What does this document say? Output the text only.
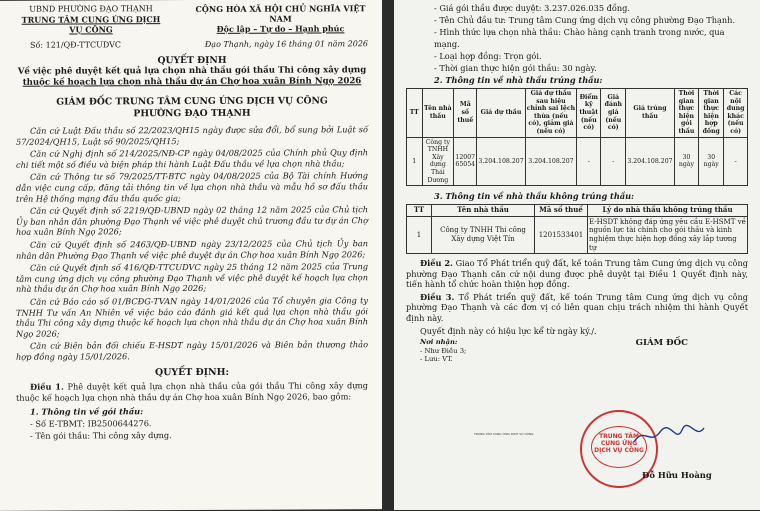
UBND PHƯỜNG ĐẠO THẠNH
TRUNG TÂM CUNG ỨNG DỊCH VỤ CÔNG
CỘNG HÒA XÃ HỘI CHỦ NGHĨA VIỆT NAM
Độc lập – Tự do – Hạnh phúc
Số: 121/QĐ-TTCUDVC	Đạo Thạnh, ngày 16 tháng 01 năm 2026
QUYẾT ĐỊNH
Về việc phê duyệt kết quả lựa chọn nhà thầu gói thầu Thi công xây dựng
thuộc kế hoạch lựa chọn nhà thầu dự án Chợ hoa xuân Bính Ngọ 2026
GIÁM ĐỐC TRUNG TÂM CUNG ỨNG DỊCH VỤ CÔNG
PHƯỜNG ĐẠO THẠNH

Căn cứ Luật Đấu thầu số 22/2023/QH15 ngày được sửa đổi, bổ sung bởi Luật số 57/2024/QH15, Luật số 90/2025/QH15;

Căn cứ Nghị định số 214/2025/NĐ-CP ngày 04/08/2025 của Chính phủ Quy định chi tiết một số điều và biện pháp thi hành Luật Đấu thầu về lựa chọn nhà thầu;

Căn cứ Thông tư số 79/2025/TT-BTC ngày 04/08/2025 của Bộ Tài chính Hướng dẫn việc cung cấp, đăng tải thông tin về lựa chọn nhà thầu và mẫu hồ sơ đấu thầu trên Hệ thống mạng đấu thầu quốc gia;

Căn cứ Quyết định số 2219/QĐ-UBND ngày 02 tháng 12 năm 2025 của Chủ tịch Ủy ban nhân dân phường Đạo Thạnh về việc phê duyệt chủ trương đầu tư dự án Chợ hoa xuân Bính Ngọ 2026;

Căn cứ Quyết định số 2463/QĐ-UBND ngày 23/12/2025 của Chủ tịch Ủy ban nhân dân Phường Đạo Thạnh về việc phê duyệt dự án Chợ hoa xuân Bính Ngọ 2026;

Căn cứ Quyết định số 416/QĐ-TTCUDVC ngày 25 tháng 12 năm 2025 của Trung tâm cung ứng dịch vụ công phường Đạo Thạnh về việc phê duyệt kế hoạch lựa chọn nhà thầu dự án Chợ hoa xuân Bính Ngọ 2026;

Căn cứ Báo cáo số 01/BCĐG-TVAN ngày 14/01/2026 của Tổ chuyên gia Công ty TNHH Tư vấn An Nhiên về việc báo cáo đánh giá kết quả lựa chọn nhà thầu gói thầu Thi công xây dựng thuộc kế hoạch lựa chọn nhà thầu dự án Chợ hoa xuân Bính Ngọ 2026;

Căn cứ Biên bản đối chiếu E-HSDT ngày 15/01/2026 và Biên bản thương thảo hợp đồng ngày 15/01/2026.

QUYẾT ĐỊNH:

Điều 1. Phê duyệt kết quả lựa chọn nhà thầu của gói thầu Thi công xây dựng thuộc kế hoạch lựa chọn nhà thầu dự án Chợ hoa xuân Bính Ngọ 2026, bao gồm:

1. Thông tin về gói thầu:
- Số E-TBMT: IB2500644276.
- Tên gói thầu: Thi công xây dựng.
- Giá gói thầu được duyệt: 3.237.026.035 đồng.
- Tên Chủ đầu tư: Trung tâm Cung ứng dịch vụ công phường Đạo Thạnh.
- Hình thức lựa chọn nhà thầu: Chào hàng cạnh tranh trong nước, qua mạng.
- Loại hợp đồng: Trọn gói.
- Thời gian thực hiện gói thầu: 30 ngày.
2. Thông tin về nhà thầu trúng thầu:
TT	Tên nhà thầu	Mã số thuế	Giá dự thầu	Giá dự thầu sau hiệu chỉnh sai lệch thừa (nếu có), giảm giá (nếu có)	Điểm kỹ thuật (nếu có)	Giá đánh giá (nếu có)	Giá trúng thầu	Thời gian thực hiện gói thầu	Thời gian thực hiện hợp đồng	Các nội dung khác (nếu có)
1	Công ty TNHH Xây dựng Thái Dương	1200765054	3.204.108.207	3.204.108.207	-	-	3.204.108.207	30 ngày	30 ngày	-
3. Thông tin về nhà thầu không trúng thầu:
TT	Tên nhà thầu	Mã số thuế	Lý do nhà thầu không trúng thầu
1	Công ty TNHH Thi công Xây dựng Việt Tín	1201533401	E-HSDT không đáp ứng yêu cầu E-HSMT về nguồn lực tài chính cho gói thầu và kinh nghiệm thực hiện hợp đồng xây lắp tương tự

Điều 2. Giao Tổ Phát triển quỹ đất, kế toán Trung tâm Cung ứng dịch vụ công phường Đạo Thạnh căn cứ nội dung được phê duyệt tại Điều 1 Quyết định này, tiến hành tổ chức hoàn thiện hợp đồng.

Điều 3. Tổ Phát triển quỹ đất, kế toán Trung tâm Cung ứng dịch vụ công phường Đạo Thạnh và các đơn vị có liên quan chịu trách nhiệm thi hành Quyết định này.

Quyết định này có hiệu lực kể từ ngày ký./.

Nơi nhận:
- Như Điều 3;
- Lưu: VT.
GIÁM ĐỐC
TRUNG TÂM CUNG ỨNG DỊCH VỤ CÔNG	TRUNG TÂM CUNG ỨNG DỊCH VỤ CÔNG
Đỗ Hữu Hoàng
